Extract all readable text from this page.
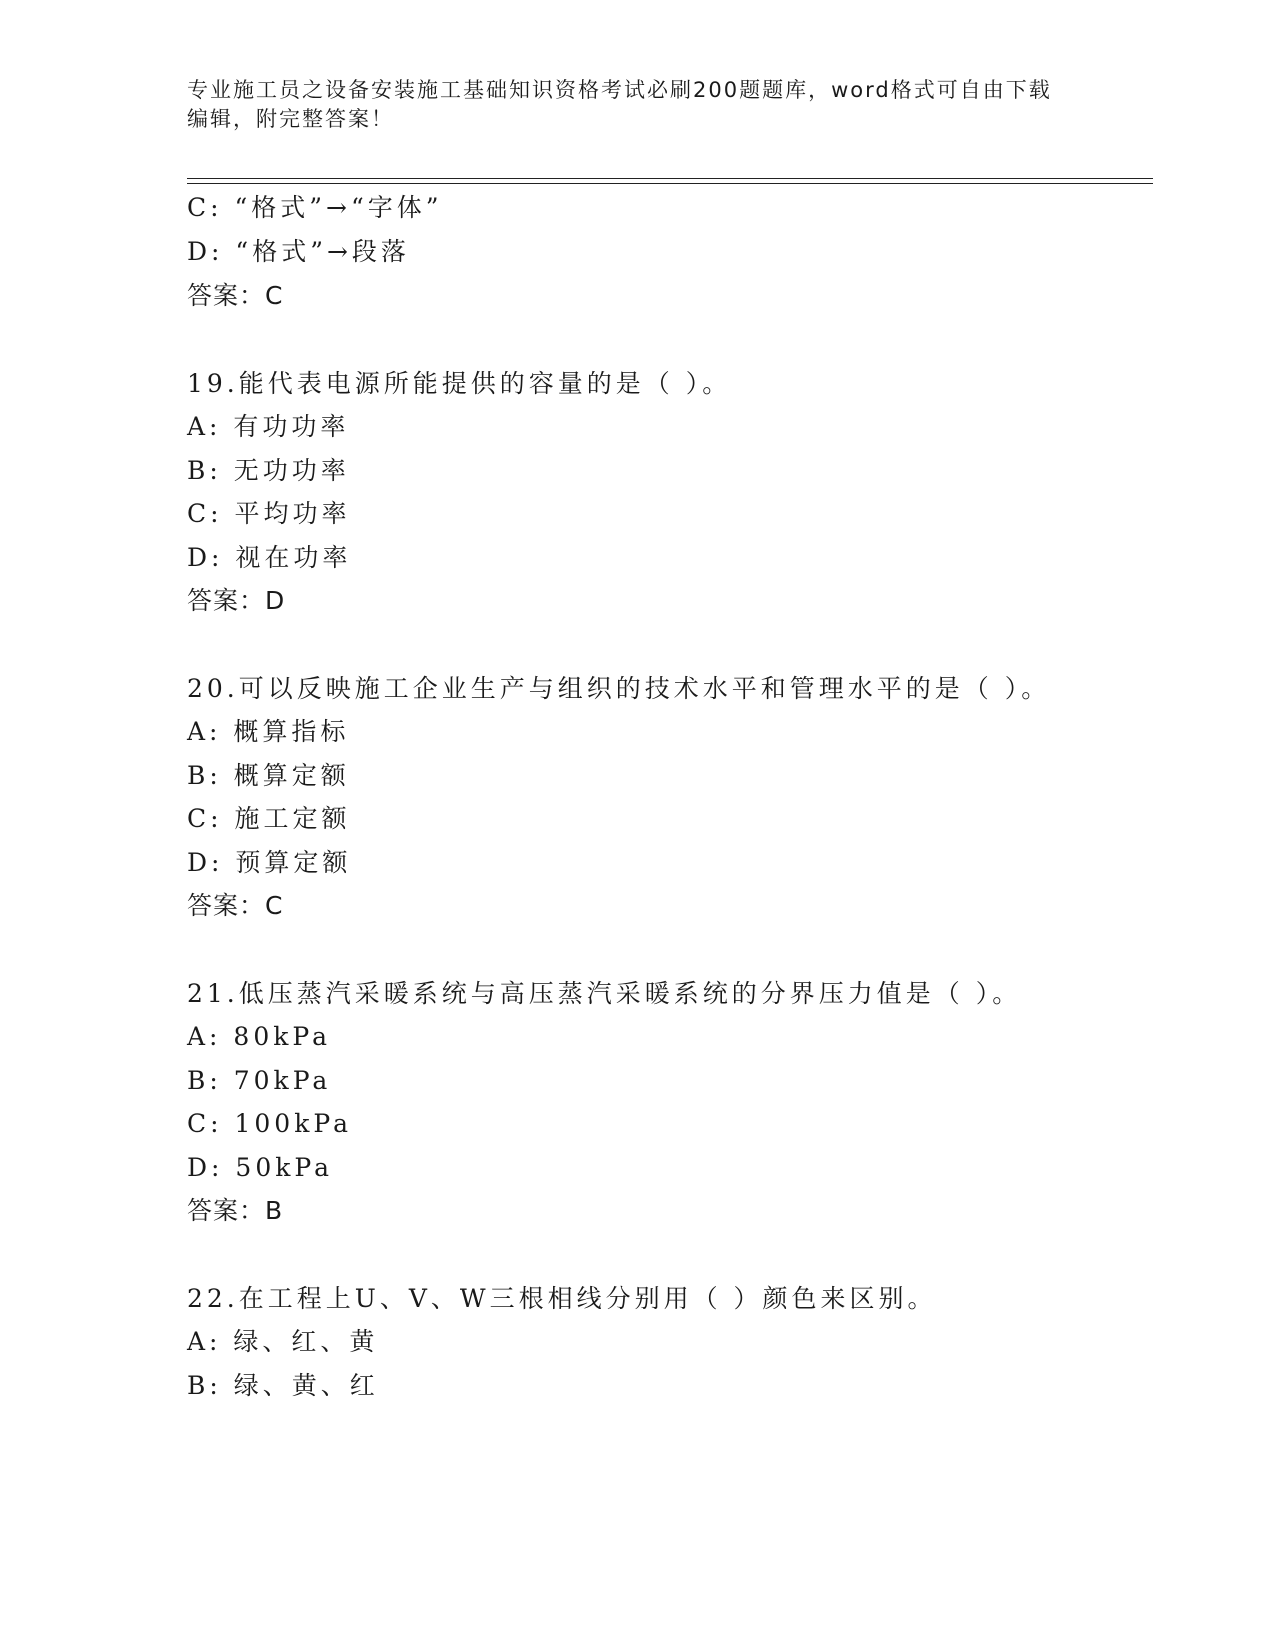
专业施工员之设备安装施工基础知识资格考试必刷200题题库，word格式可自由下载编辑，附完整答案！
C: “格式”→“字体”
D: “格式”→段落
答案：C
19.能代表电源所能提供的容量的是（ ）。
A: 有功功率
B: 无功功率
C: 平均功率
D: 视在功率
答案：D
20.可以反映施工企业生产与组织的技术水平和管理水平的是（ ）。
A: 概算指标
B: 概算定额
C: 施工定额
D: 预算定额
答案：C
21.低压蒸汽采暖系统与高压蒸汽采暖系统的分界压力值是（ ）。
A: 80kPa
B: 70kPa
C: 100kPa
D: 50kPa
答案：B
22.在工程上U、V、W三根相线分别用（ ）颜色来区别。
A: 绿、红、黄
B: 绿、黄、红
